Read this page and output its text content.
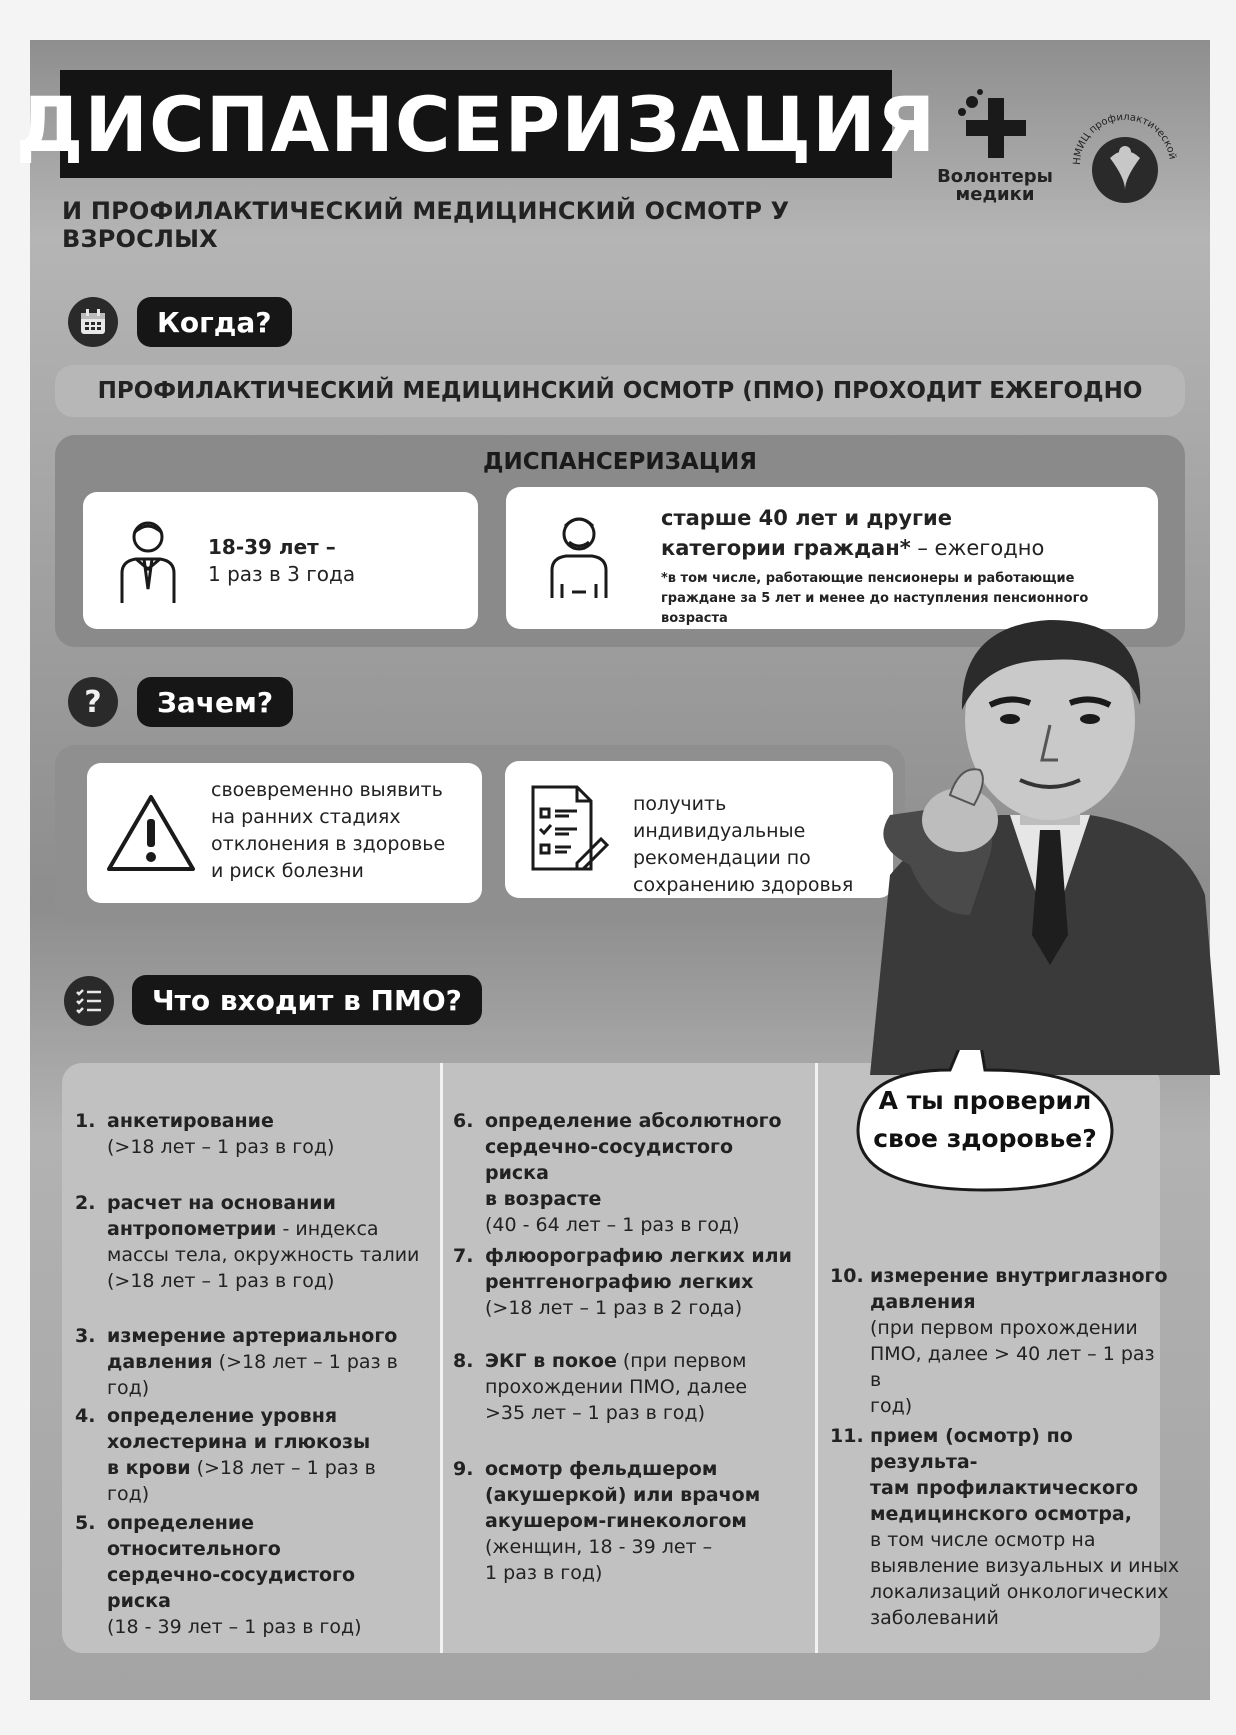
ДИСПАНСЕРИЗАЦИЯ
И ПРОФИЛАКТИЧЕСКИЙ МЕДИЦИНСКИЙ ОСМОТР У ВЗРОСЛЫХ
Волонтеры
медики
НМИЦ профилактической
Когда?
ПРОФИЛАКТИЧЕСКИЙ МЕДИЦИНСКИЙ ОСМОТР (ПМО) ПРОХОДИТ ЕЖЕГОДНО
ДИСПАНСЕРИЗАЦИЯ
18-39 лет –
1 раз в 3 года
старше 40 лет и другие
категории граждан* – ежегодно
*в том числе, работающие пенсионеры и работающие
граждане за 5 лет и менее до наступления пенсионного возраста
?	Зачем?
своевременно выявить
на ранних стадиях
отклонения в здоровье
и риск болезни
получить индивидуальные
рекомендации по
сохранению здоровья
Что входит в ПМО?
1. анкетирование
(>18 лет – 1 раз в год)
2. расчет на основании
антропометрии - индекса
массы тела, окружность талии
(>18 лет – 1 раз в год)
3. измерение артериального
давления (>18 лет – 1 раз в год)
4. определение уровня
холестерина и глюкозы
в крови (>18 лет – 1 раз в год)
5. определение относительного
сердечно-сосудистого риска
(18 - 39 лет – 1 раз в год)
6. определение абсолютного
сердечно-сосудистого риска
в возрасте
(40 - 64 лет – 1 раз в год)
7. флюорографию легких или
рентгенографию легких
(>18 лет – 1 раз в 2 года)
8. ЭКГ в покое (при первом
прохождении ПМО, далее
>35 лет – 1 раз в год)
9. осмотр фельдшером
(акушеркой) или врачом
акушером-гинекологом
(женщин, 18 - 39 лет –
1 раз в год)
10. измерение внутриглазного
давления
(при первом прохождении
ПМО, далее > 40 лет – 1 раз в
год)
11. прием (осмотр) по результа-
там профилактического
медицинского осмотра,
в том числе осмотр на
выявление визуальных и иных
локализаций онкологических
заболеваний
А ты проверил
свое здоровье?
